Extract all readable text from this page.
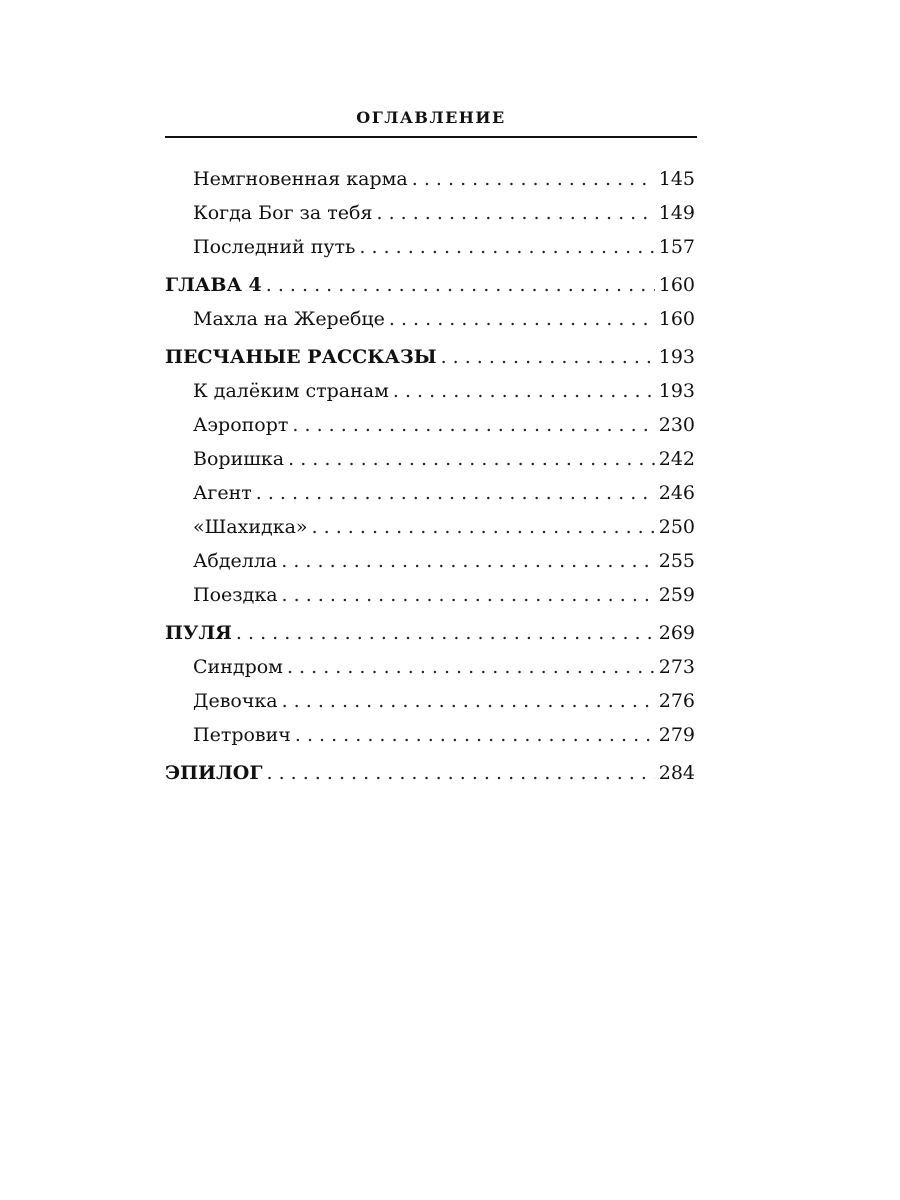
ОГЛАВЛЕНИЕ
Немгновенная карма . . .	145
Когда Бог за тебя . . .	149
Последний путь . . .	157
ГЛАВА 4 . . .	160
Махла на Жеребце . . .	160
ПЕСЧАНЫЕ РАССКАЗЫ . . .	193
К далёким странам . . .	193
Аэропорт . . .	230
Воришка . . .	242
Агент . . .	246
«Шахидка» . . .	250
Абделла . . .	255
Поездка . . .	259
ПУЛЯ . . .	269
Синдром . . .	273
Девочка . . .	276
Петрович . . .	279
ЭПИЛОГ . . .	284
